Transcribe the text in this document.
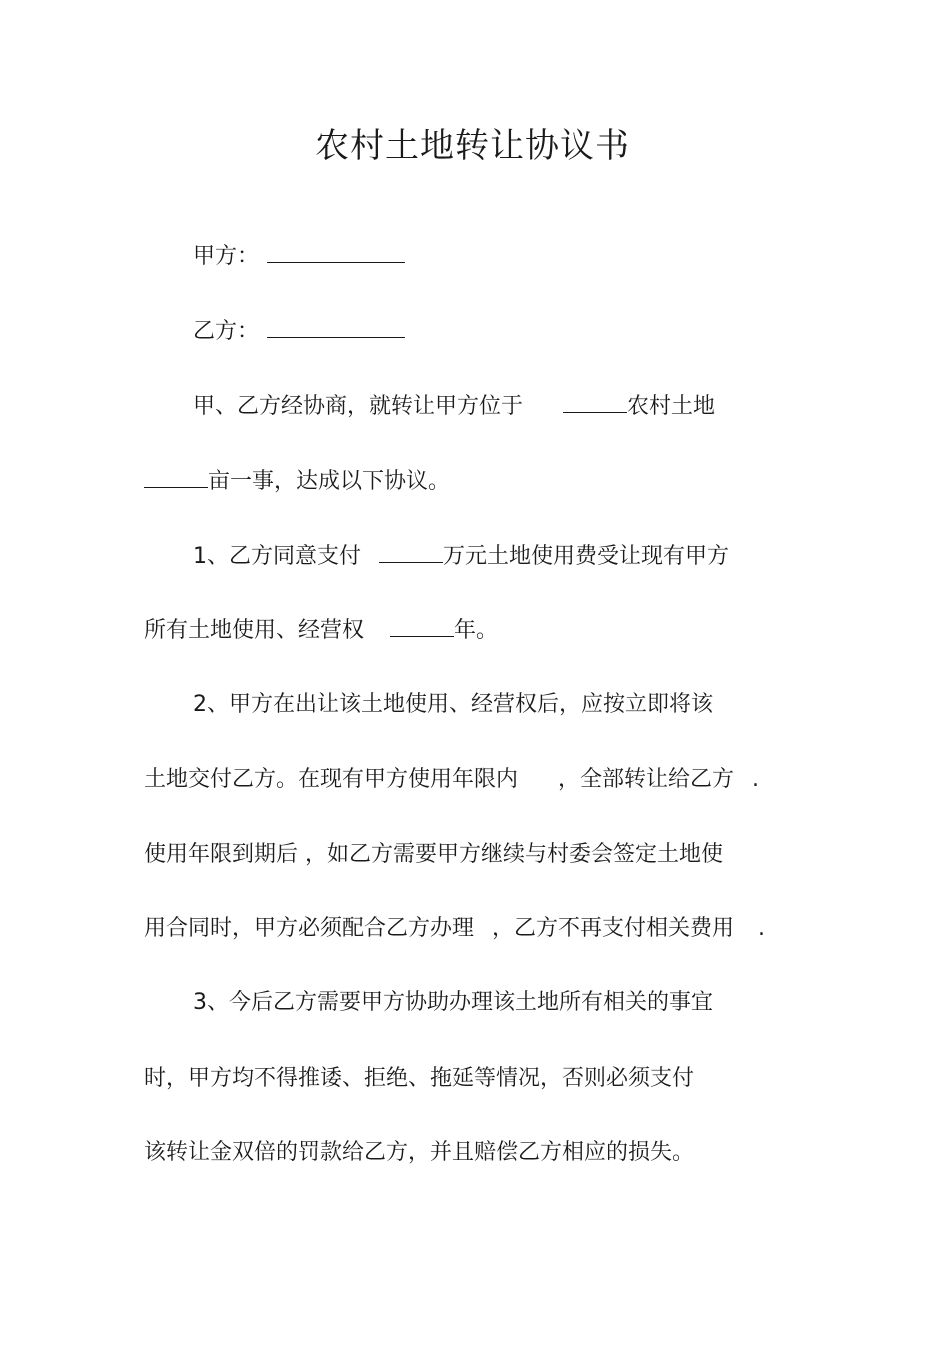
农村土地转让协议书
甲方：
乙方：
甲、乙方经协商，就转让甲方位于	农村土地
亩一事，达成以下协议。
1、乙方同意支付	万元土地使用费受让现有甲方
所有土地使用、经营权	年。
2、甲方在出让该土地使用、经营权后，应按立即将该
土地交付乙方。在现有甲方使用年限内 ，全部转让给乙方 .
使用年限到期后 ，如乙方需要甲方继续与村委会签定土地使
用合同时，甲方必须配合乙方办理 ，乙方不再支付相关费用 .
3、今后乙方需要甲方协助办理该土地所有相关的事宜
时，甲方均不得推诿、拒绝、拖延等情况，否则必须支付
该转让金双倍的罚款给乙方，并且赔偿乙方相应的损失。
